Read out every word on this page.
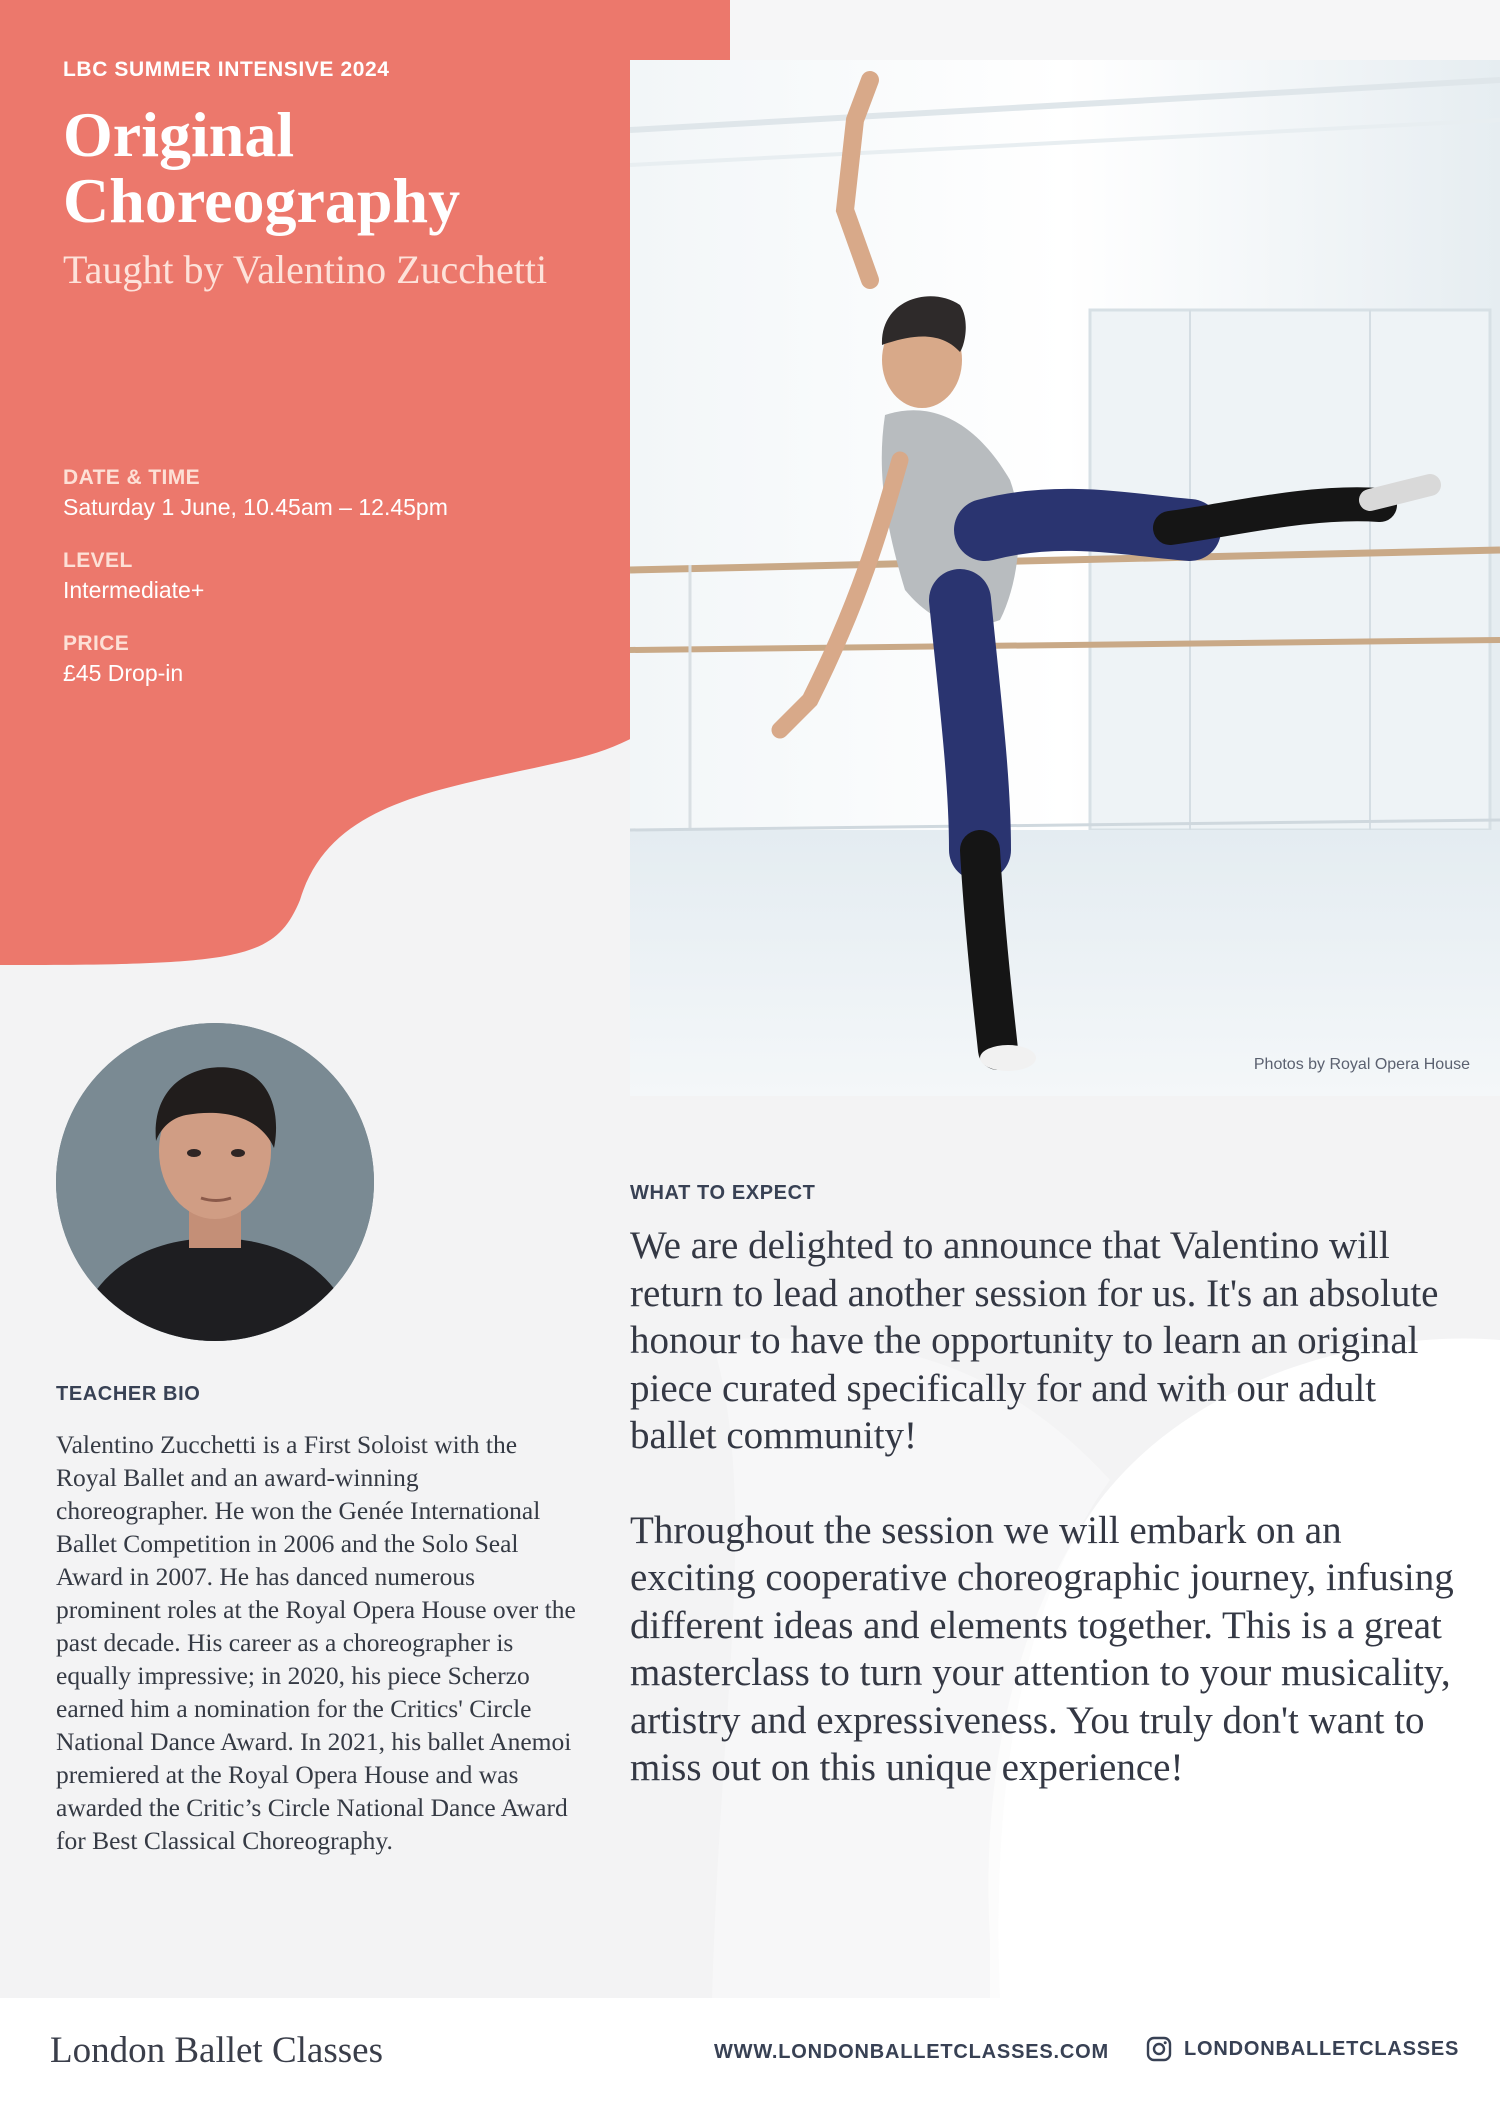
LBC SUMMER INTENSIVE 2024
Original Choreography
Taught by Valentino Zucchetti
DATE & TIME
Saturday 1 June, 10.45am – 12.45pm
LEVEL
Intermediate+
PRICE
£45 Drop-in
Photos by Royal Opera House
TEACHER BIO
Valentino Zucchetti is a First Soloist with the Royal Ballet and an award-winning choreographer. He won the Genée International Ballet Competition in 2006 and the Solo Seal Award in 2007. He has danced numerous prominent roles at the Royal Opera House over the past decade. His career as a choreographer is equally impressive; in 2020, his piece Scherzo earned him a nomination for the Critics' Circle National Dance Award. In 2021, his ballet Anemoi premiered at the Royal Opera House and was awarded the Critic’s Circle National Dance Award for Best Classical Choreography.
WHAT TO EXPECT

We are delighted to announce that Valentino will return to lead another session for us. It's an absolute honour to have the opportunity to learn an original piece curated specifically for and with our adult ballet community!

Throughout the session we will embark on an exciting cooperative choreographic journey, infusing different ideas and elements together. This is a great masterclass to turn your attention to your musicality, artistry and expressiveness. You truly don't want to miss out on this unique experience!

London Ballet Classes	WWW.LONDONBALLETCLASSES.COM	LONDONBALLETCLASSES
